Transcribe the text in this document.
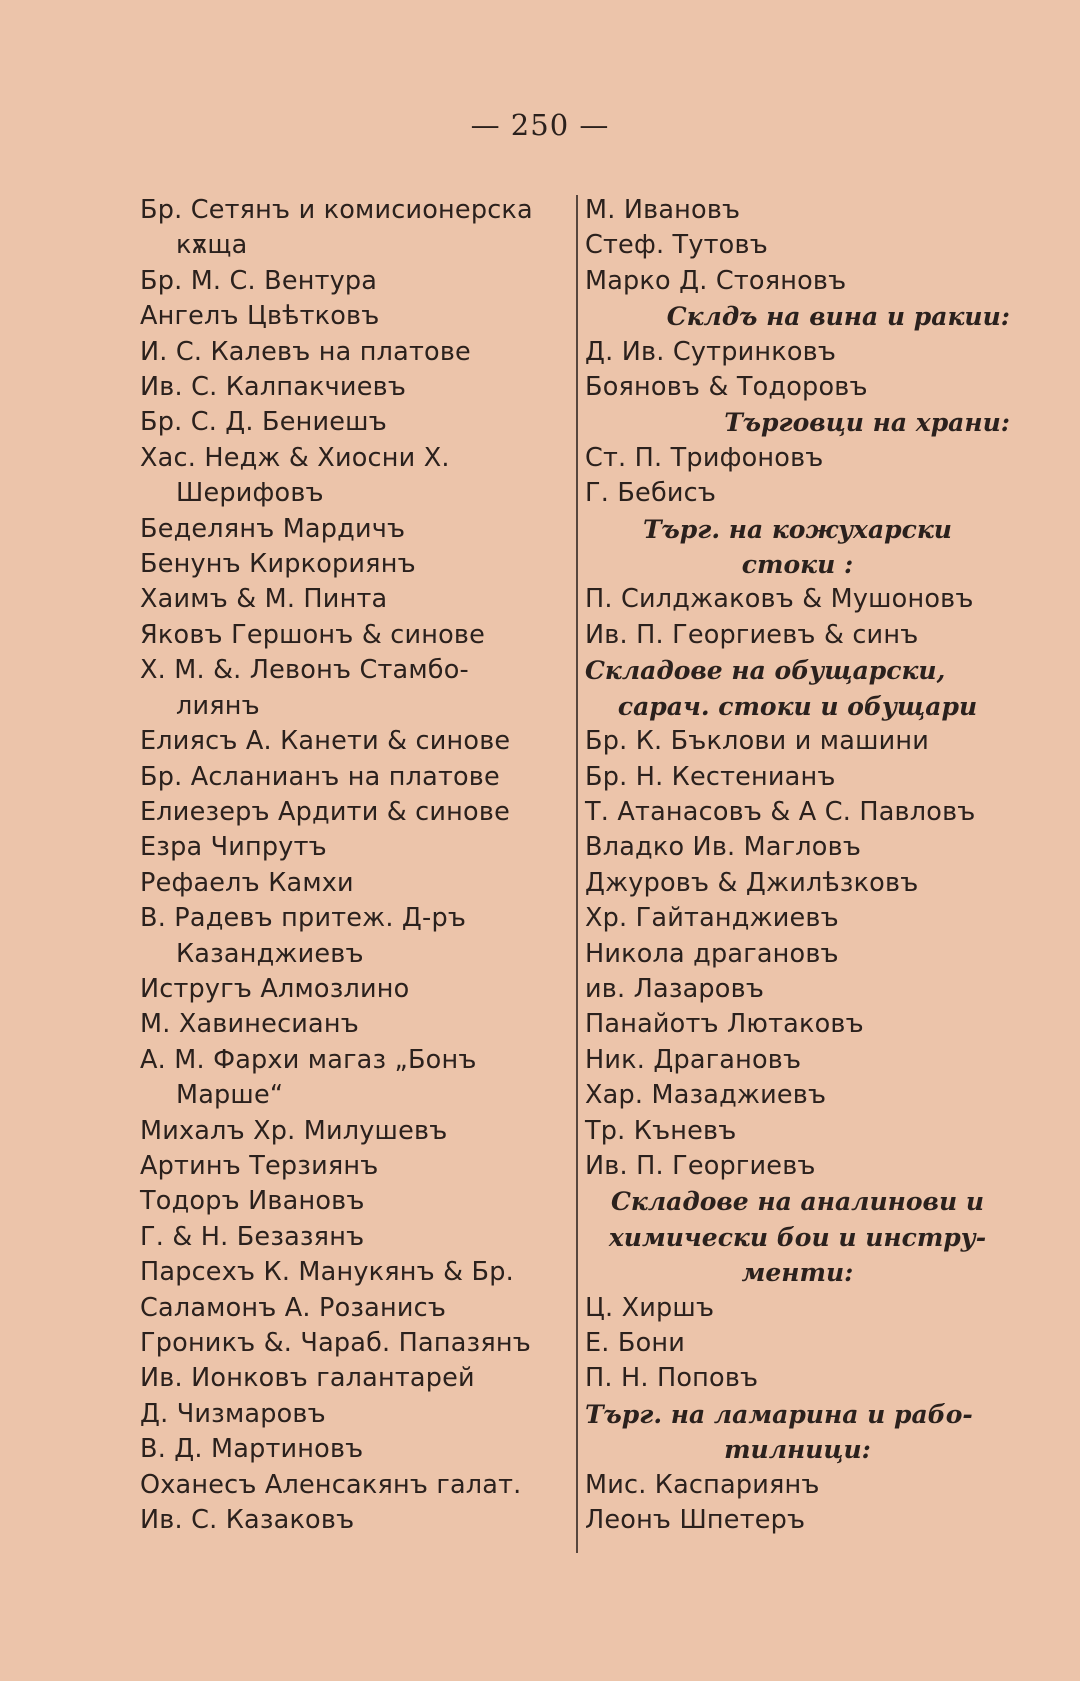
— 250 —
Бр. Сетянъ и комисионерска
кѫща
Бр. М. С. Вентура
Ангелъ Цвѣтковъ
И. С. Калевъ на платове
Ив. С. Калпакчиевъ
Бр. С. Д. Бениешъ
Хас. Недж & Хиосни Х.
Шерифовъ
Беделянъ Мардичъ
Бенунъ Киркориянъ
Хаимъ & М. Пинта
Яковъ Гершонъ & синове
Х. М. &. Левонъ Стамбо-
лиянъ
Елиясъ А. Канети & синове
Бр. Асланианъ на платове
Елиезеръ Ардити & синове
Езра Чипрутъ
Рефаелъ Камхи
В. Радевъ притеж. Д-ръ
Казанджиевъ
Истругъ Алмозлино
М. Хавинесианъ
А. М. Фархи магаз „Бонъ
Марше“
Михалъ Хр. Милушевъ
Артинъ Терзиянъ
Тодоръ Ивановъ
Г. & Н. Безазянъ
Парсехъ К. Манукянъ & Бр.
Саламонъ А. Розанисъ
Гроникъ &. Чараб. Папазянъ
Ив. Ионковъ галантарей
Д. Чизмаровъ
В. Д. Мартиновъ
Оханесъ Аленсакянъ галат.
Ив. С. Казаковъ
М. Ивановъ
Стеф. Тутовъ
Марко Д. Стояновъ
Склдъ на вина и ракии:
Д. Ив. Сутринковъ
Бояновъ & Тодоровъ
Търговци на храни:
Ст. П. Трифоновъ
Г. Бебисъ
Търг. на кожухарски
стоки :
П. Силджаковъ & Мушоновъ
Ив. П. Георгиевъ & синъ
Складове на обущарски,
сарач. стоки и обущари
Бр. К. Бъклови и машини
Бр. Н. Кестенианъ
Т. Атанасовъ & А С. Павловъ
Владко Ив. Магловъ
Джуровъ & Джилѣзковъ
Хр. Гайтанджиевъ
Никола драгановъ
ив. Лазаровъ
Панайотъ Лютаковъ
Ник. Драгановъ
Хар. Мазаджиевъ
Тр. Къневъ
Ив. П. Георгиевъ
Складове на аналинови и
химически бои и инстру-
менти:
Ц. Хиршъ
Е. Бони
П. Н. Поповъ
Търг. на ламарина и рабо-
тилници:
Мис. Каспариянъ
Леонъ Шпетеръ
